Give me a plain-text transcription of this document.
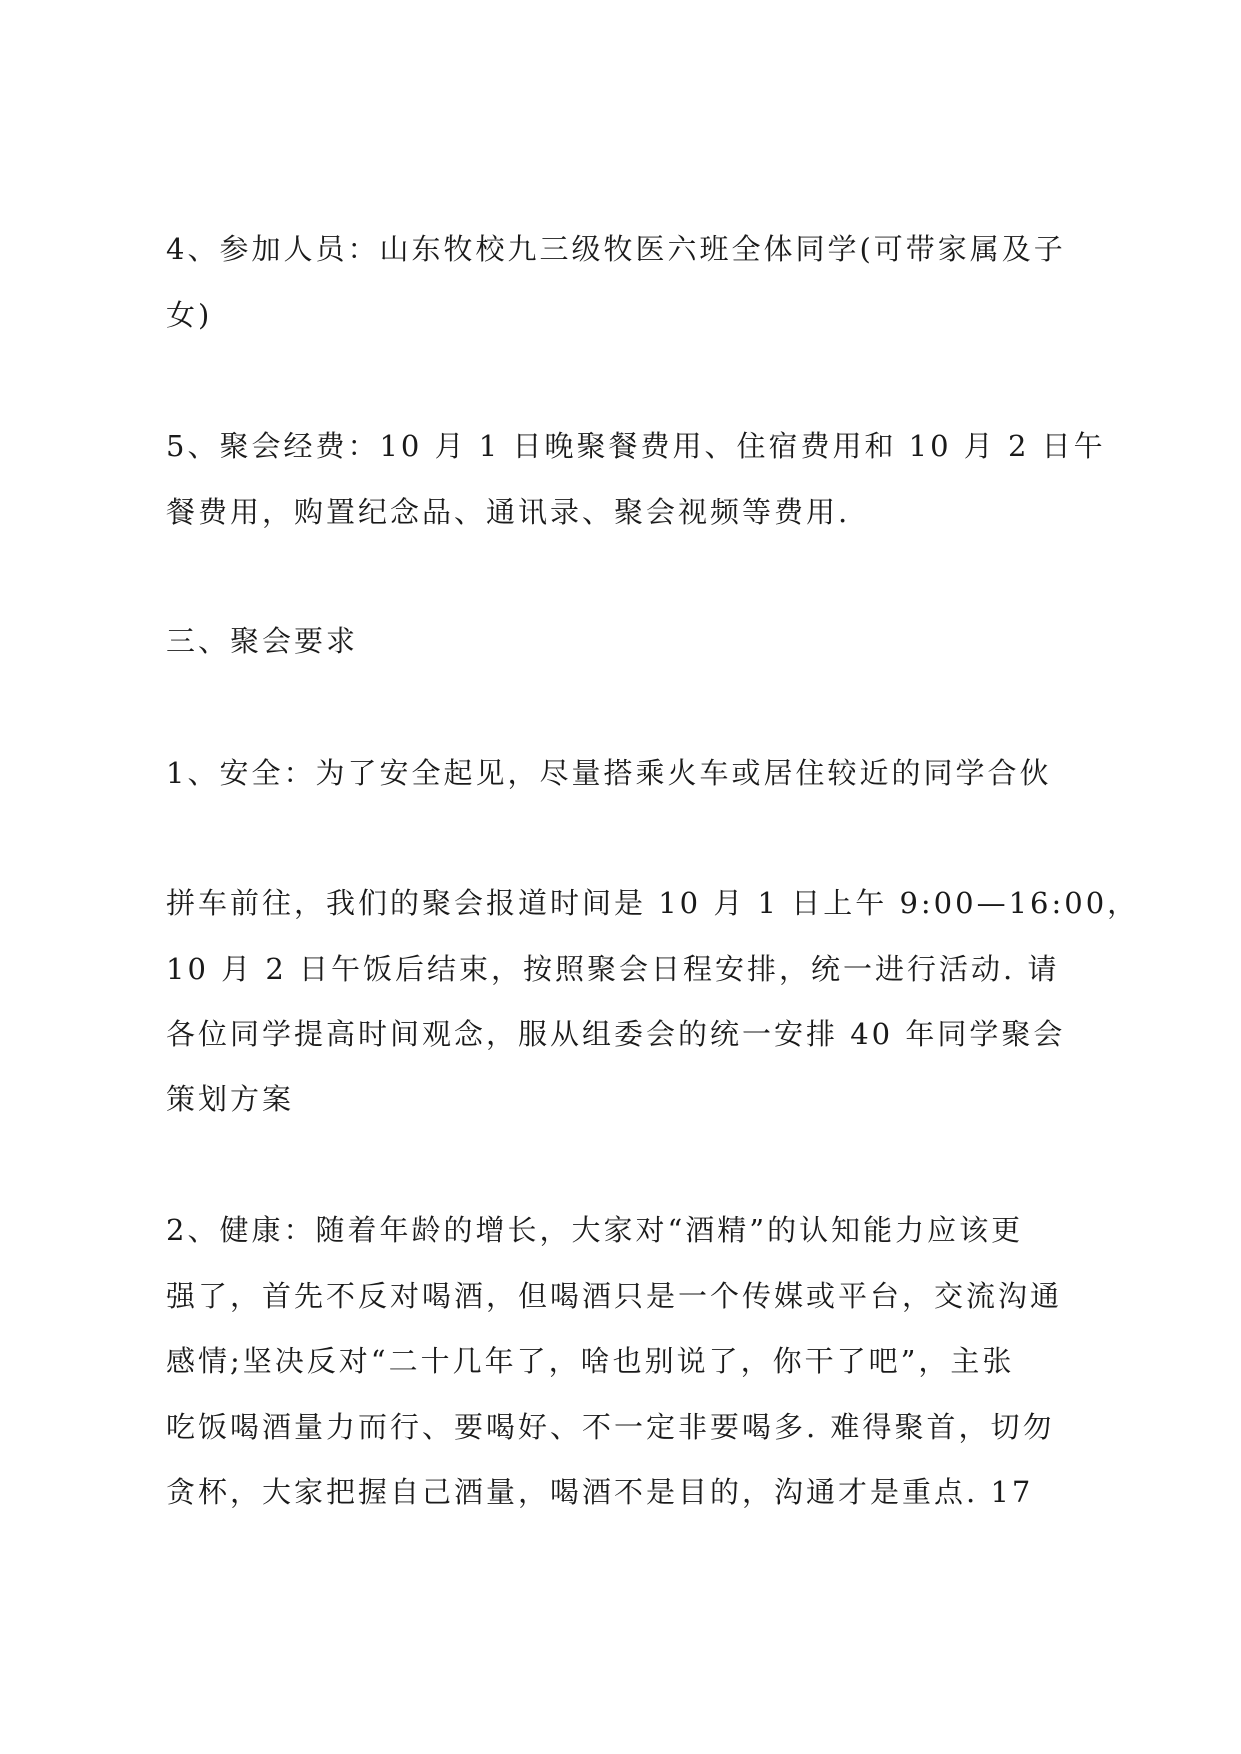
4、参加人员：山东牧校九三级牧医六班全体同学(可带家属及子
女)
5、聚会经费：10 月 1 日晚聚餐费用、住宿费用和 10 月 2 日午
餐费用，购置纪念品、通讯录、聚会视频等费用.
三、聚会要求
1、安全：为了安全起见，尽量搭乘火车或居住较近的同学合伙
拼车前往，我们的聚会报道时间是 10 月 1 日上午 9:00—16:00，
10 月 2 日午饭后结束，按照聚会日程安排，统一进行活动. 请
各位同学提高时间观念，服从组委会的统一安排 40 年同学聚会
策划方案
2、健康：随着年龄的增长，大家对“酒精”的认知能力应该更
强了，首先不反对喝酒，但喝酒只是一个传媒或平台，交流沟通
感情;坚决反对“二十几年了，啥也别说了，你干了吧”，主张
吃饭喝酒量力而行、要喝好、不一定非要喝多. 难得聚首，切勿
贪杯，大家把握自己酒量，喝酒不是目的，沟通才是重点. 17
